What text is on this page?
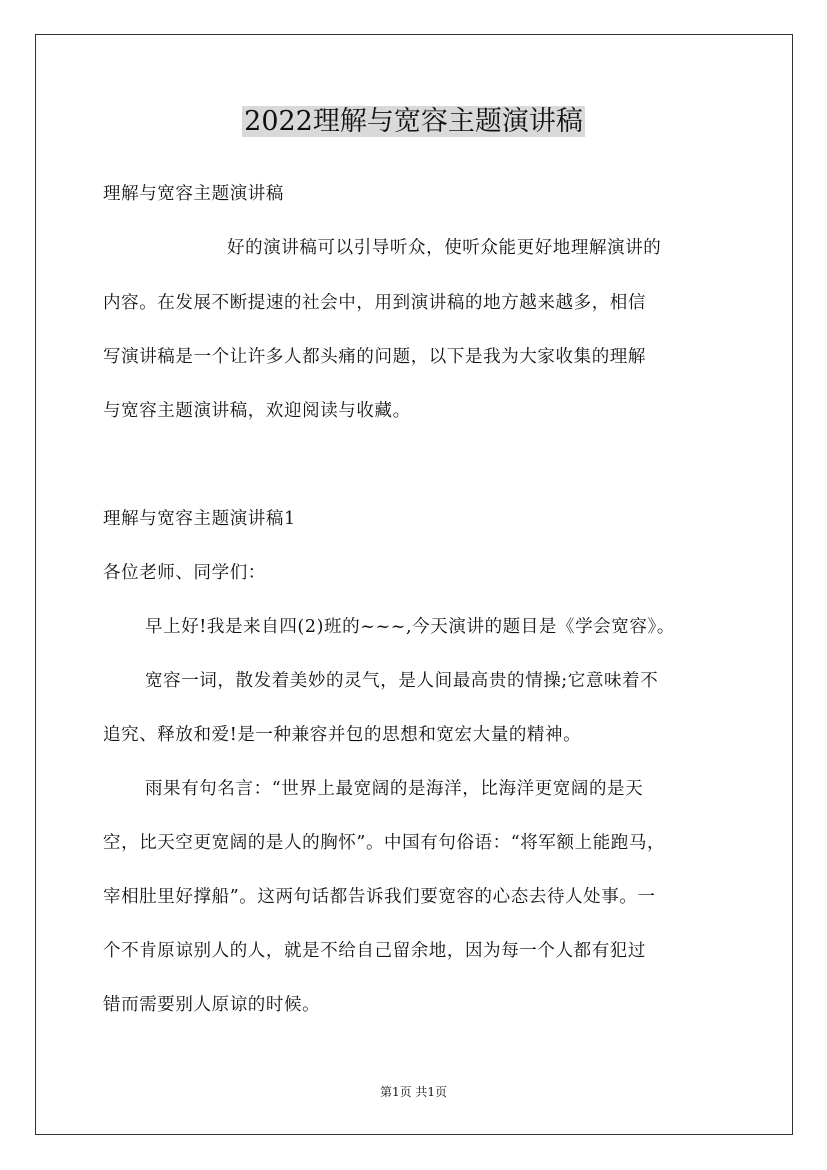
2022理解与宽容主题演讲稿
理解与宽容主题演讲稿
好的演讲稿可以引导听众，使听众能更好地理解演讲的
内容。在发展不断提速的社会中，用到演讲稿的地方越来越多，相信
写演讲稿是一个让许多人都头痛的问题，以下是我为大家收集的理解
与宽容主题演讲稿，欢迎阅读与收藏。
理解与宽容主题演讲稿1
各位老师、同学们：
早上好!我是来自四(2)班的~~~,今天演讲的题目是《学会宽容》。
宽容一词，散发着美妙的灵气，是人间最高贵的情操;它意味着不
追究、释放和爱!是一种兼容并包的思想和宽宏大量的精神。
雨果有句名言：“世界上最宽阔的是海洋，比海洋更宽阔的是天
空，比天空更宽阔的是人的胸怀”。中国有句俗语：“将军额上能跑马，
宰相肚里好撑船”。这两句话都告诉我们要宽容的心态去待人处事。一
个不肯原谅别人的人，就是不给自己留余地，因为每一个人都有犯过
错而需要别人原谅的时候。
第1页 共1页
